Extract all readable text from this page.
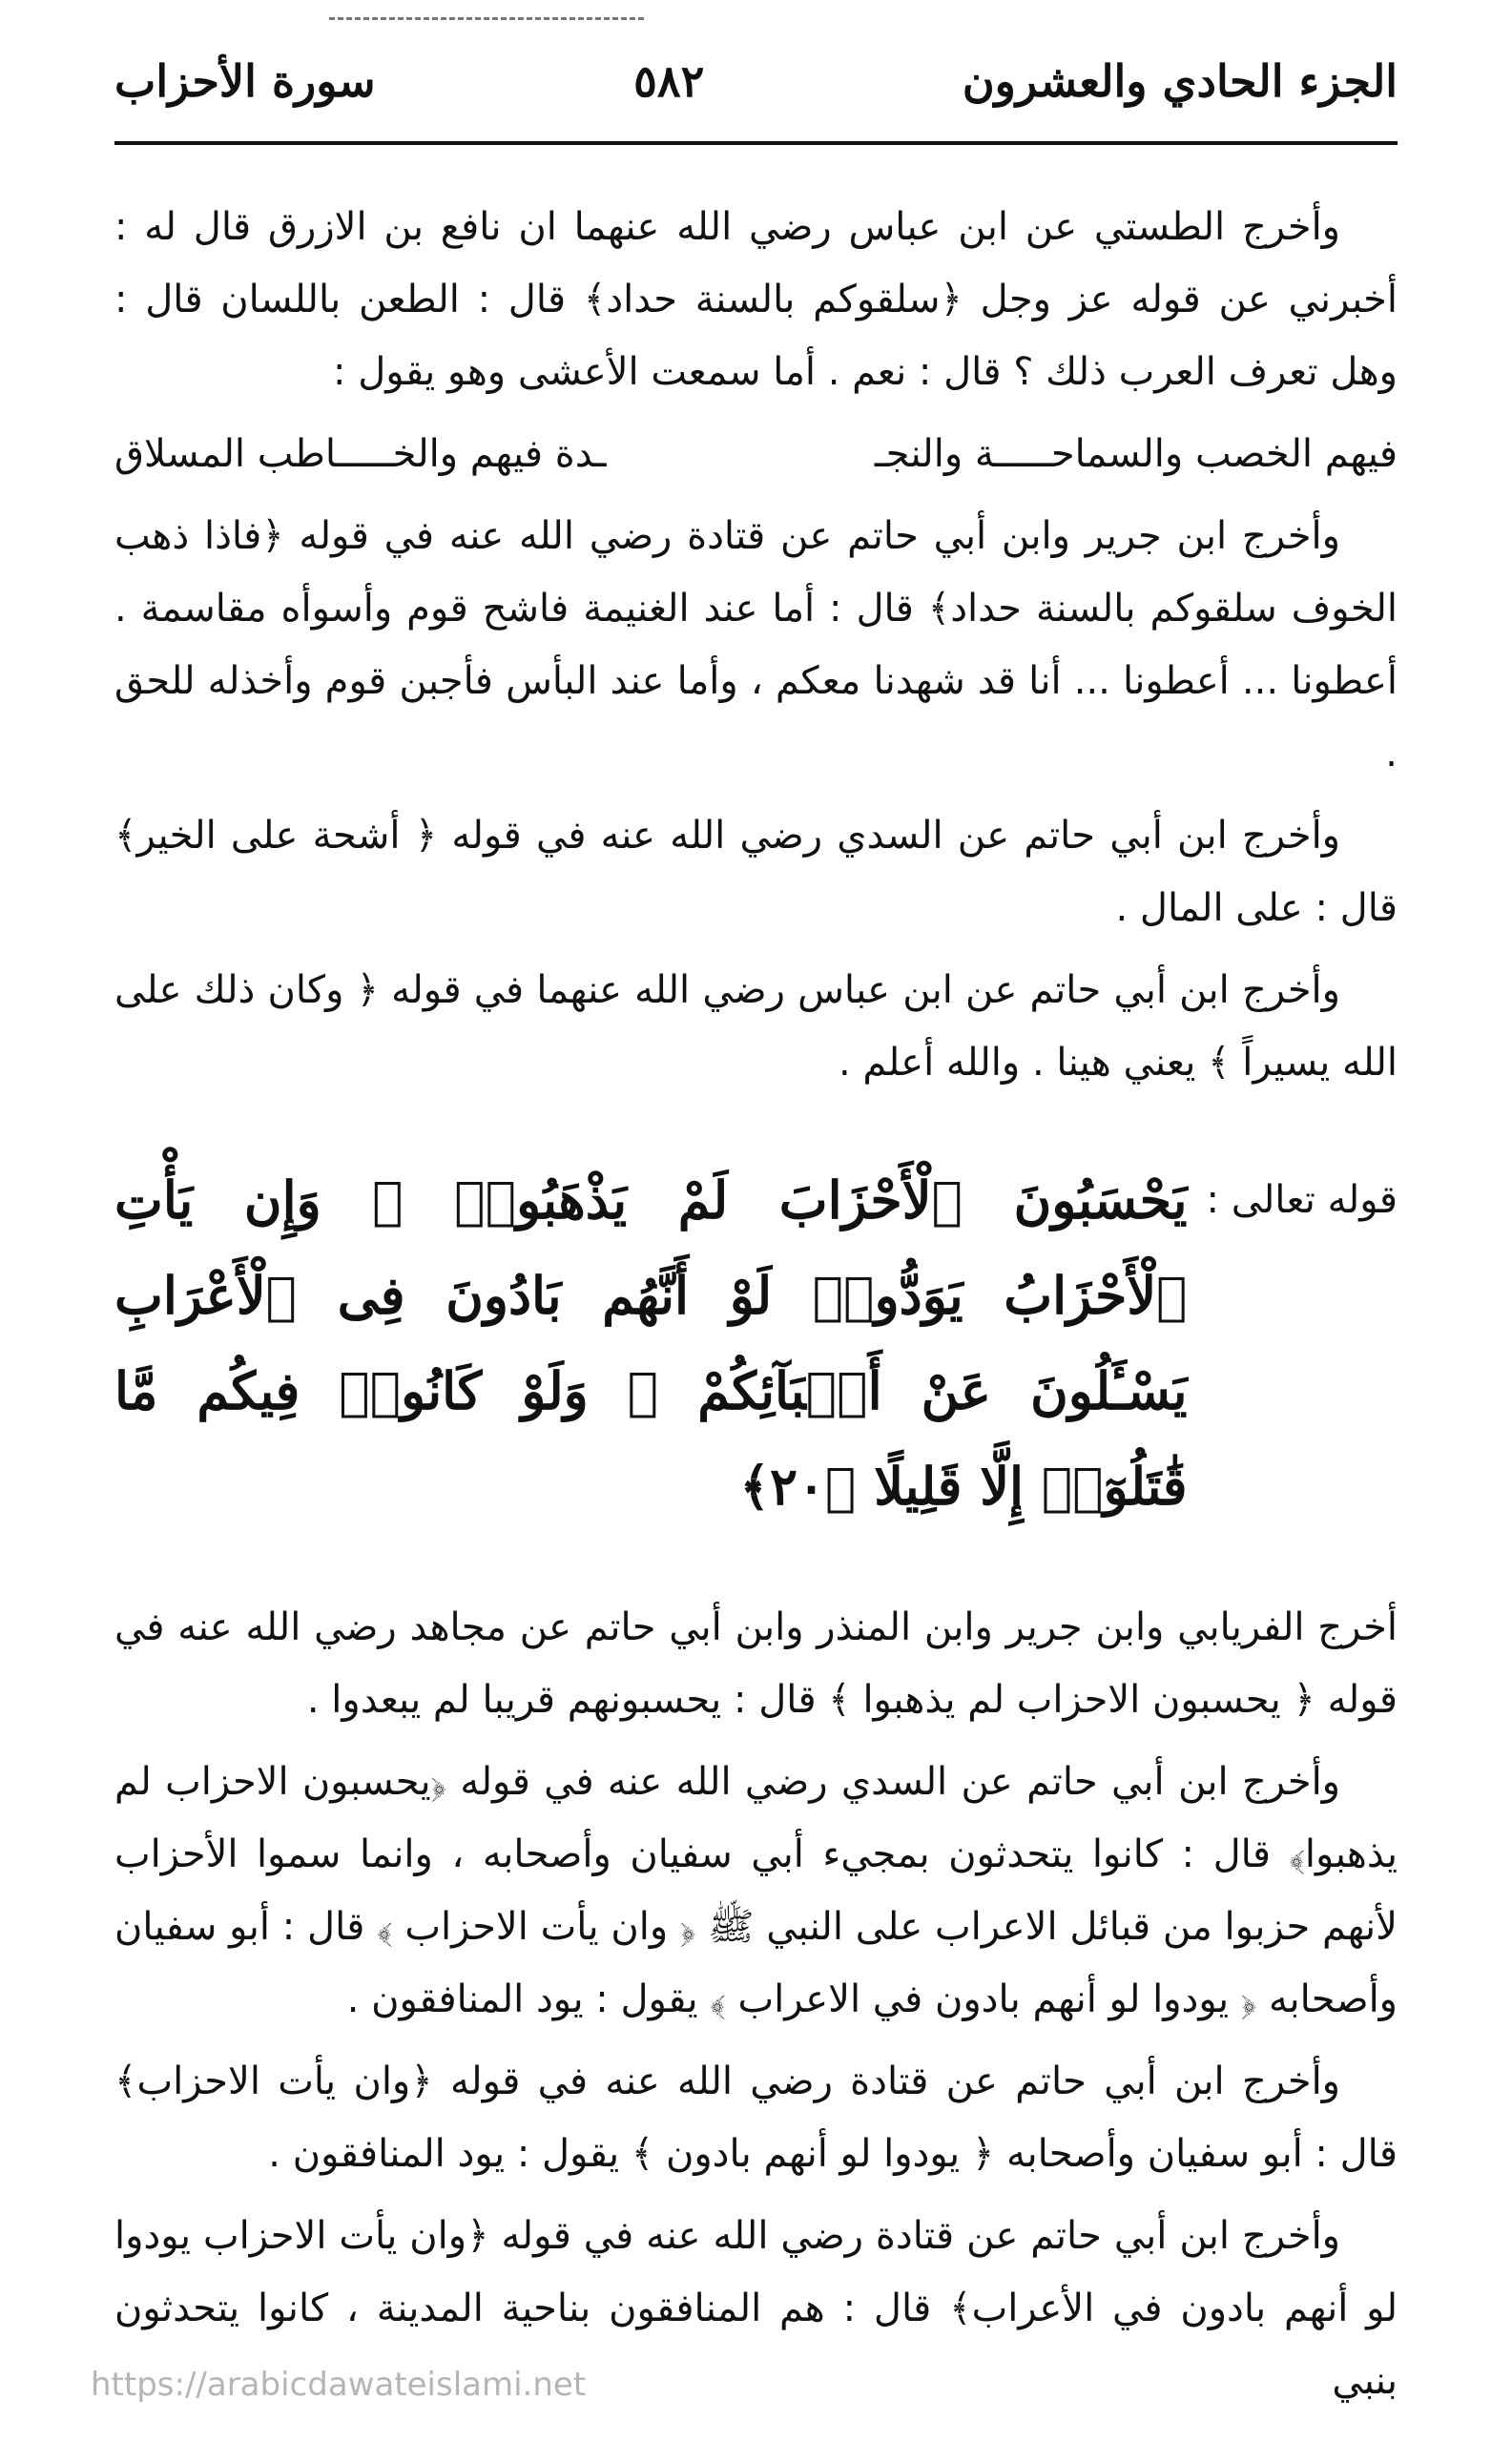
الجزء الحادي والعشرون
٥٨٢
سورة الأحزاب

وأخرج الطستي عن ابن عباس رضي الله عنهما ان نافع بن الازرق قال له : أخبرني عن قوله عز وجل ﴿سلقوكم بالسنة حداد﴾ قال : الطعن باللسان قال : وهل تعرف العرب ذلك ؟ قال : نعم . أما سمعت الأعشى وهو يقول :

فيهم الخصب والسماحـــــة والنجـ
ـدة فيهم والخـــــاطب المسلاق

وأخرج ابن جرير وابن أبي حاتم عن قتادة رضي الله عنه في قوله ﴿فاذا ذهب الخوف سلقوكم بالسنة حداد﴾ قال : أما عند الغنيمة فاشح قوم وأسوأه مقاسمة . أعطونا ... أعطونا ... أنا قد شهدنا معكم ، وأما عند البأس فأجبن قوم وأخذله للحق .

وأخرج ابن أبي حاتم عن السدي رضي الله عنه في قوله ﴿ أشحة على الخير﴾ قال : على المال .

وأخرج ابن أبي حاتم عن ابن عباس رضي الله عنهما في قوله ﴿ وكان ذلك على الله يسيراً ﴾ يعني هينا . والله أعلم .

قوله تعالى :
يَحْسَبُونَ ٱلْأَحْزَابَ لَمْ يَذْهَبُوا۟ ۖ وَإِن يَأْتِ ٱلْأَحْزَابُ يَوَدُّوا۟ لَوْ أَنَّهُم بَادُونَ فِى ٱلْأَعْرَابِ يَسْـَٔلُونَ عَنْ أَنۢبَآئِكُمْ ۖ وَلَوْ كَانُوا۟ فِيكُم مَّا قَٰتَلُوٓا۟ إِلَّا قَلِيلًا ﴿٢٠﴾

أخرج الفريابي وابن جرير وابن المنذر وابن أبي حاتم عن مجاهد رضي الله عنه في قوله ﴿ يحسبون الاحزاب لم يذهبوا ﴾ قال : يحسبونهم قريبا لم يبعدوا .

وأخرج ابن أبي حاتم عن السدي رضي الله عنه في قوله ﴿يحسبون الاحزاب لم يذهبوا﴾ قال : كانوا يتحدثون بمجيء أبي سفيان وأصحابه ، وانما سموا الأحزاب لأنهم حزبوا من قبائل الاعراب على النبي ﷺ ﴿ وان يأت الاحزاب ﴾ قال : أبو سفيان وأصحابه ﴿ يودوا لو أنهم بادون في الاعراب ﴾ يقول : يود المنافقون .

وأخرج ابن أبي حاتم عن قتادة رضي الله عنه في قوله ﴿وان يأت الاحزاب﴾ قال : أبو سفيان وأصحابه ﴿ يودوا لو أنهم بادون ﴾ يقول : يود المنافقون .

وأخرج ابن أبي حاتم عن قتادة رضي الله عنه في قوله ﴿وان يأت الاحزاب يودوا لو أنهم بادون في الأعراب﴾ قال : هم المنافقون بناحية المدينة ، كانوا يتحدثون بنبي

https://arabicdawateislami.net
